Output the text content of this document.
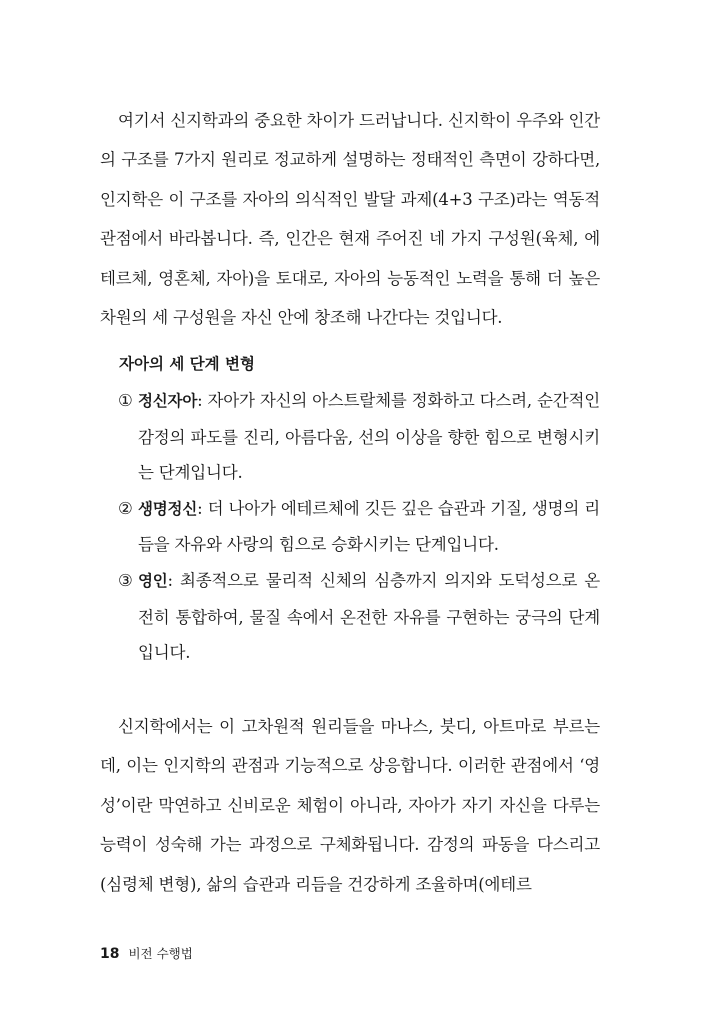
여기서 신지학과의 중요한 차이가 드러납니다. 신지학이 우주와 인간의 구조를 7가지 원리로 정교하게 설명하는 정태적인 측면이 강하다면, 인지학은 이 구조를 자아의 의식적인 발달 과제(4+3 구조)라는 역동적 관점에서 바라봅니다. 즉, 인간은 현재 주어진 네 가지 구성원(육체, 에테르체, 영혼체, 자아)을 토대로, 자아의 능동적인 노력을 통해 더 높은 차원의 세 구성원을 자신 안에 창조해 나간다는 것입니다.

자아의 세 단계 변형
① 정신자아: 자아가 자신의 아스트랄체를 정화하고 다스려, 순간적인 감정의 파도를 진리, 아름다움, 선의 이상을 향한 힘으로 변형시키는 단계입니다.
② 생명정신: 더 나아가 에테르체에 깃든 깊은 습관과 기질, 생명의 리듬을 자유와 사랑의 힘으로 승화시키는 단계입니다.
③ 영인: 최종적으로 물리적 신체의 심층까지 의지와 도덕성으로 온전히 통합하여, 물질 속에서 온전한 자유를 구현하는 궁극의 단계입니다.

신지학에서는 이 고차원적 원리들을 마나스, 붓디, 아트마로 부르는데, 이는 인지학의 관점과 기능적으로 상응합니다. 이러한 관점에서 ‘영성’이란 막연하고 신비로운 체험이 아니라, 자아가 자기 자신을 다루는 능력이 성숙해 가는 과정으로 구체화됩니다. 감정의 파동을 다스리고(심령체 변형), 삶의 습관과 리듬을 건강하게 조율하며(에테르

18 비전 수행법
